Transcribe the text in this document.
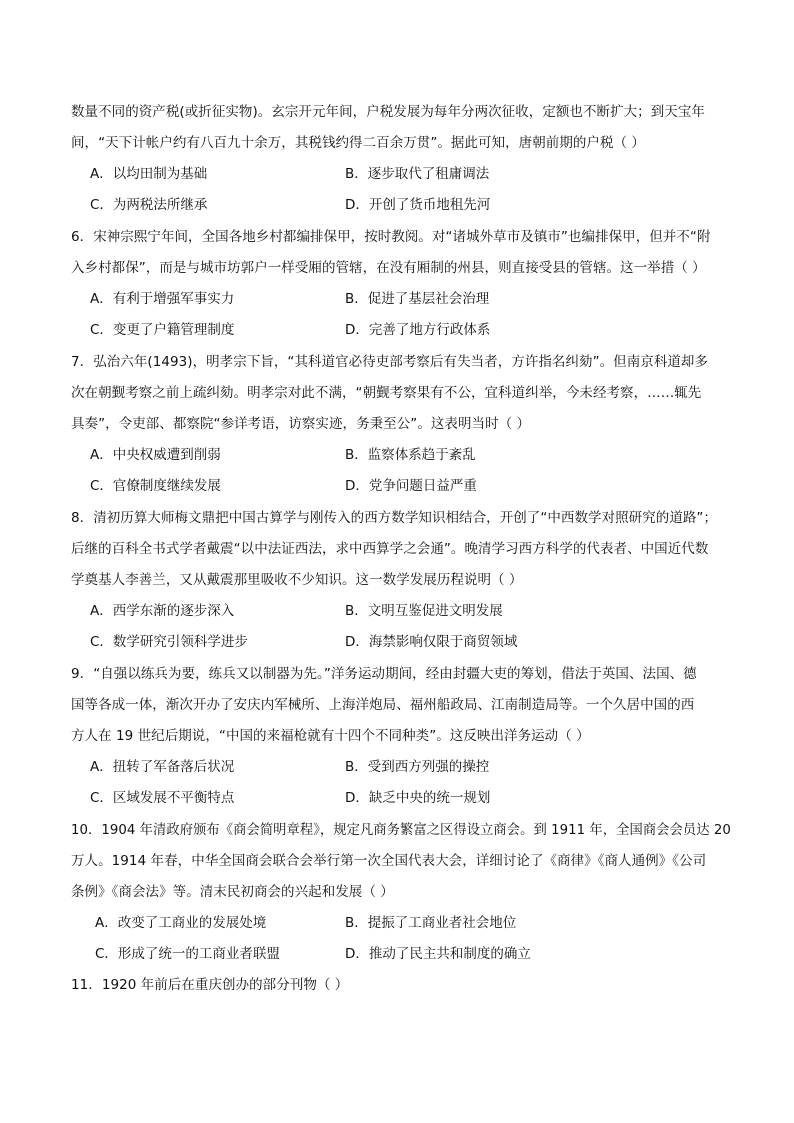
数量不同的资产税(或折征实物)。玄宗开元年间，户税发展为每年分两次征收，定额也不断扩大；到天宝年
间，“天下计帐户约有八百九十余万，其税钱约得二百余万贯”。据此可知，唐朝前期的户税（ ）
A．以均田制为基础	B．逐步取代了租庸调法
C．为两税法所继承	D．开创了货币地租先河
6．宋神宗熙宁年间，全国各地乡村都编排保甲，按时教阅。对“诸城外草市及镇市”也编排保甲，但并不“附
入乡村都保”，而是与城市坊郭户一样受厢的管辖，在没有厢制的州县，则直接受县的管辖。这一举措（ ）
A．有利于增强军事实力	B．促进了基层社会治理
C．变更了户籍管理制度	D．完善了地方行政体系
7．弘治六年(1493)，明孝宗下旨，“其科道官必待吏部考察后有失当者，方许指名纠劾”。但南京科道却多
次在朝觐考察之前上疏纠劾。明孝宗对此不满，“朝觐考察果有不公，宜科道纠举，今未经考察，……辄先
具奏”，令吏部、都察院“参详考语，访察实迹，务秉至公”。这表明当时（ ）
A．中央权威遭到削弱	B．监察体系趋于紊乱
C．官僚制度继续发展	D．党争问题日益严重
8．清初历算大师梅文鼎把中国古算学与刚传入的西方数学知识相结合，开创了“中西数学对照研究的道路”；
后继的百科全书式学者戴震“以中法证西法，求中西算学之会通”。晚清学习西方科学的代表者、中国近代数
学奠基人李善兰，又从戴震那里吸收不少知识。这一数学发展历程说明（ ）
A．西学东渐的逐步深入	B．文明互鉴促进文明发展
C．数学研究引领科学进步	D．海禁影响仅限于商贸领域
9．“自强以练兵为要，练兵又以制器为先。”洋务运动期间，经由封疆大吏的筹划，借法于英国、法国、德
国等各成一体，渐次开办了安庆内军械所、上海洋炮局、福州船政局、江南制造局等。一个久居中国的西
方人在 19 世纪后期说，“中国的来福枪就有十四个不同种类”。这反映出洋务运动（ ）
A．扭转了军备落后状况	B．受到西方列强的操控
C．区域发展不平衡特点	D．缺乏中央的统一规划
10．1904 年清政府颁布《商会简明章程》，规定凡商务繁富之区得设立商会。到 1911 年，全国商会会员达 20
万人。1914 年春，中华全国商会联合会举行第一次全国代表大会，详细讨论了《商律》《商人通例》《公司
条例》《商会法》等。清末民初商会的兴起和发展（ ）
A．改变了工商业的发展处境	B．提振了工商业者社会地位
C．形成了统一的工商业者联盟	D．推动了民主共和制度的确立
11．1920 年前后在重庆创办的部分刊物（ ）
